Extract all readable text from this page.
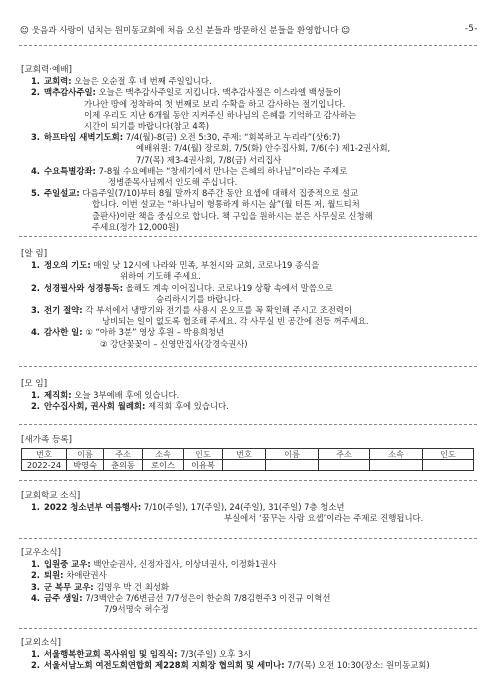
☺ 웃음과 사랑이 넘치는 원미동교회에 처음 오신 분들과 방문하신 분들을 환영합니다 ☺	-5-
[ 교회력·예배 ]
1. 교회력: 오늘은 오순절 후 네 번째 주일입니다.
2. 맥추감사주일: 오늘은 맥추감사주일로 지킵니다. 맥추감사절은 이스라엘 백성들이
가나안 땅에 정착하여 첫 번째로 보리 수확을 하고 감사하는 절기입니다.
이제 우리도 지난 6개월 동안 지켜주신 하나님의 은혜를 기억하고 감사하는
시간이 되기를 바랍니다(참고 4쪽)
3. 하프타임 새벽기도회: 7/4(월)-8(금) 오전 5:30, 주제: “회복하고 누리라”(삿6:7)
예배위원: 7/4(월) 장로회, 7/5(화) 안수집사회, 7/6(수) 제1-2권사회,
7/7(목) 제3-4권사회, 7/8(금) 서리집사
4. 수요특별강좌: 7-8월 수요예배는 “창세기에서 만나는 은혜의 하나님”이라는 주제로
정병준목사님께서 인도해 주십니다.
5. 주일설교: 다음주일(7/10)부터 8월 말까지 8주간 동안 요셉에 대해서 집중적으로 설교
합니다. 이번 설교는 “하나님이 형통하게 하시는 삶”(월 터튼 저, 월드티처
출판사)이란 책을 중심으로 합니다. 책 구입을 원하시는 분은 사무실로 신청해
주세요(정가 12,000원)
[ 알 림 ]
1. 정오의 기도: 매일 낮 12시에 나라와 민족, 부천시와 교회, 코로나19 종식을
위하여 기도해 주세요.
2. 성경필사와 성경통독: 올해도 계속 이어집니다. 코로나19 상황 속에서 말씀으로
승리하시기를 바랍니다.
3. 전기 절약: 각 부서에서 냉방기와 전기를 사용시 온오프를 꼭 확인해 주시고 조전력이
낭비되는 일이 없도록 협조해 주세요. 각 사무실 빈 공간에 전등 꺼주세요.
4. 감사한 일: ① “아하 3분” 영상 후원 – 박용희청년
② 강단꽃꽂이 – 신영만집사(강경숙권사)
[ 모 임 ]
1. 제직회: 오늘 3부예배 후에 있습니다.
2. 안수집사회, 권사회 월례회: 제직회 후에 있습니다.
[ 새가족 등록 ]
번호	이름	주소	소속	인도	번호	이름	주소	소속	인도
2022-24	박영숙	춘의동	로이스	이유복					
[ 교회학교 소식 ]
1. 2022 청소년부 여름행사: 7/10(주일), 17(주일), 24(주일), 31(주일) 7층 청소년
부실에서 ‘꿈꾸는 사람 요셉’이라는 주제로 진행됩니다.
[ 교우소식 ]
1. 입원중 교우: 백안순권사, 신정자집사, 이상녀권사, 이정화1권사
2. 퇴원: 차애란권사
3. 군 복무 교우: 김명우 박 건 최성화
4. 금주 생일: 7/3백안순 7/6변금선 7/7성은이 한순희 7/8김현주3 이진규 이혁선
7/9서명숙 허수정
[ 교외소식 ]
1. 서울행복한교회 목사위임 및 임직식: 7/3(주일) 오후 3시
2. 서울서남노회 여전도회연합회 제228회 지회장 협의회 및 세미나: 7/7(목) 오전 10:30(장소: 원미동교회)
